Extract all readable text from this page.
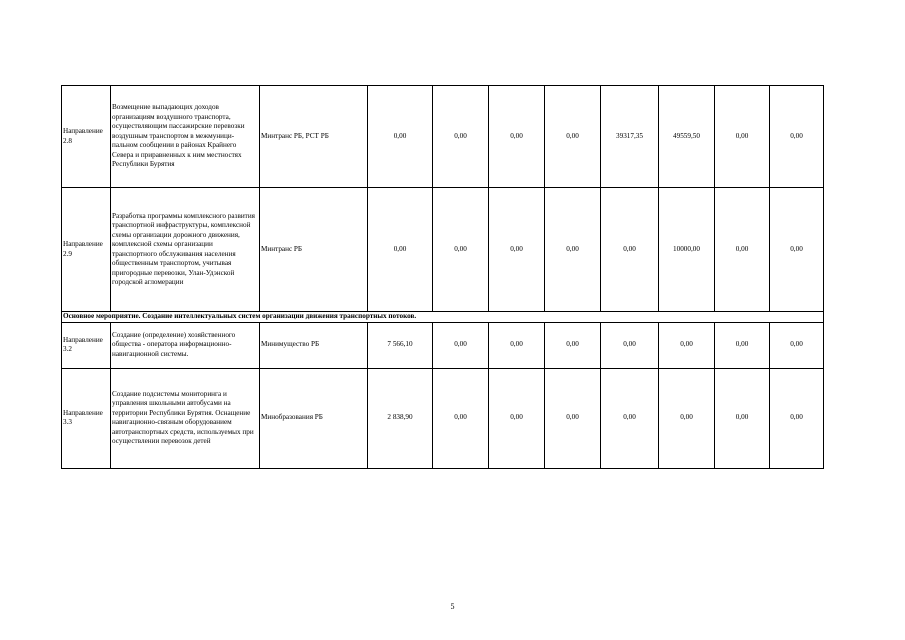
Направление 2.8	Возмещение выпадающих доходов организациям воздушного транспорта, осуществляющим пассажирские перевозки воздушным транспортом в межмуници-пальном сообщении в районах Крайнего Севера и приравненных к ним местностях Республики Бурятия	Минтранс РБ, РСТ РБ	0,00	0,00	0,00	0,00	39317,35	49559,50	0,00	0,00
Направление 2.9	Разработка программы комплексного развития транспортной инфраструктуры, комплексной схемы организации дорожного движения, комплексной схемы организации транспортного обслуживания населения общественным транспортом, учитывая пригородные перевозки, Улан-Удэнской городской агломерации	Минтранс РБ	0,00	0,00	0,00	0,00	0,00	10000,00	0,00	0,00
Основное мероприятие. Создание интеллектуальных систем организации движения транспортных потоков.										
Направление 3.2	Создание (определение) хозяйственного общества - оператора информационно-навигационной системы.	Минимущество РБ	7 566,10	0,00	0,00	0,00	0,00	0,00	0,00	0,00
Направление 3.3	Создание подсистемы мониторинга и управления школьными автобусами на территории Республики Бурятия. Оснащение навигационно-связным оборудованием автотранспортных средств, используемых при осуществлении перевозок детей	Минобразования РБ	2 838,90	0,00	0,00	0,00	0,00	0,00	0,00	0,00
5
